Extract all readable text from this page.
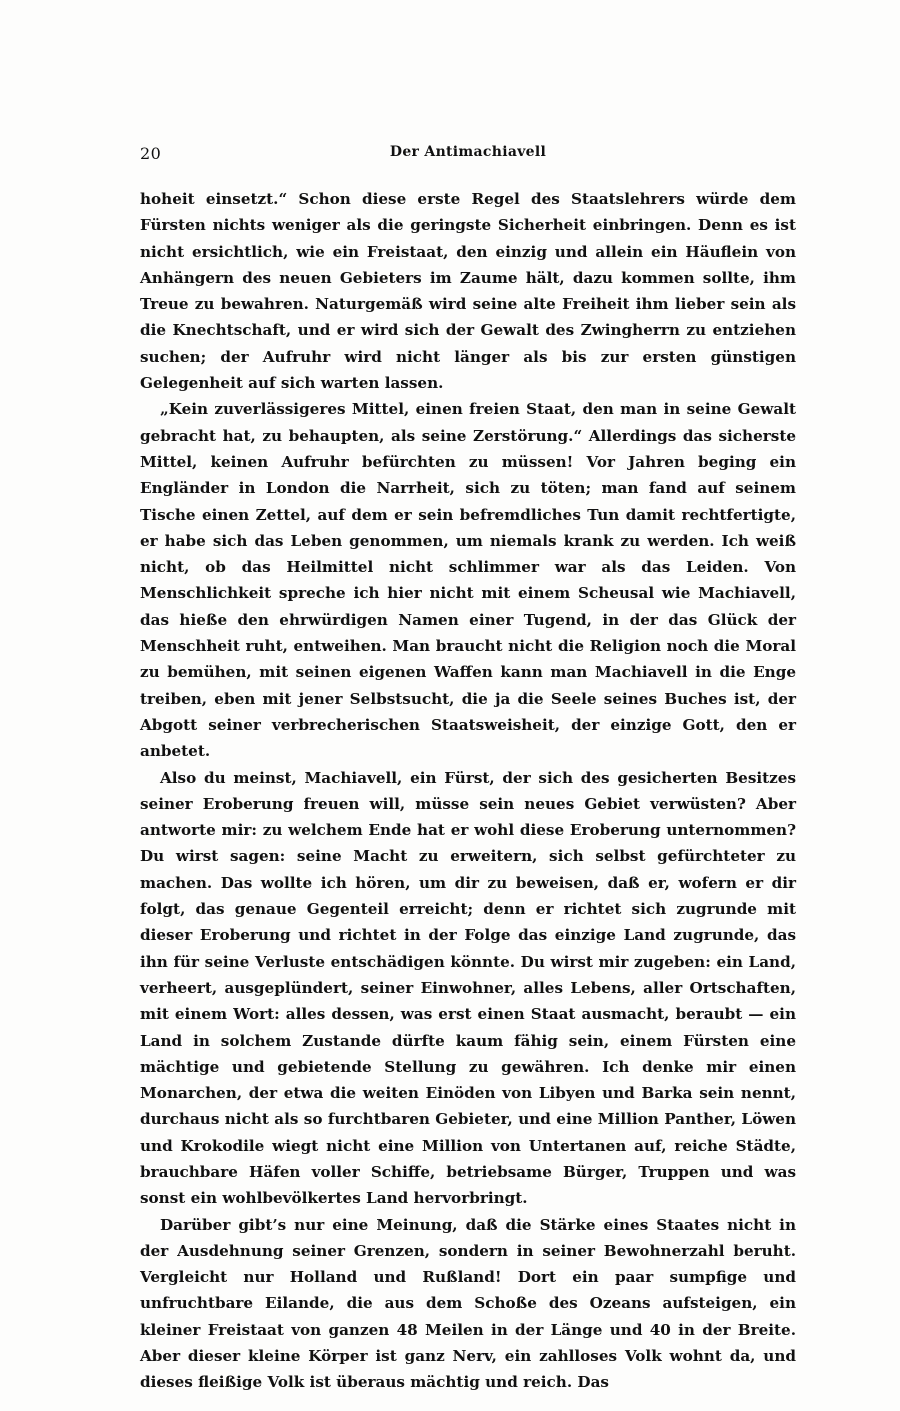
20	Der Antimachiavell

hoheit einsetzt.“ Schon diese erste Regel des Staatslehrers würde dem Fürsten nichts weniger als die geringste Sicherheit einbringen. Denn es ist nicht ersichtlich, wie ein Freistaat, den einzig und allein ein Häuflein von Anhängern des neuen Gebieters im Zaume hält, dazu kommen sollte, ihm Treue zu bewahren. Naturgemäß wird seine alte Freiheit ihm lieber sein als die Knechtschaft, und er wird sich der Gewalt des Zwingherrn zu entziehen suchen; der Aufruhr wird nicht länger als bis zur ersten günstigen Gelegenheit auf sich warten lassen.

„Kein zuverlässigeres Mittel, einen freien Staat, den man in seine Gewalt gebracht hat, zu behaupten, als seine Zerstörung.“ Allerdings das sicherste Mittel, keinen Aufruhr befürchten zu müssen! Vor Jahren beging ein Engländer in London die Narrheit, sich zu töten; man fand auf seinem Tische einen Zettel, auf dem er sein befremdliches Tun damit rechtfertigte, er habe sich das Leben genommen, um niemals krank zu werden. Ich weiß nicht, ob das Heilmittel nicht schlimmer war als das Leiden. Von Menschlichkeit spreche ich hier nicht mit einem Scheusal wie Machiavell, das hieße den ehrwürdigen Namen einer Tugend, in der das Glück der Menschheit ruht, entweihen. Man braucht nicht die Religion noch die Moral zu bemühen, mit seinen eigenen Waffen kann man Machiavell in die Enge treiben, eben mit jener Selbstsucht, die ja die Seele seines Buches ist, der Abgott seiner verbrecherischen Staatsweisheit, der einzige Gott, den er anbetet.

Also du meinst, Machiavell, ein Fürst, der sich des gesicherten Besitzes seiner Eroberung freuen will, müsse sein neues Gebiet verwüsten? Aber antworte mir: zu welchem Ende hat er wohl diese Eroberung unternommen? Du wirst sagen: seine Macht zu erweitern, sich selbst gefürchteter zu machen. Das wollte ich hören, um dir zu beweisen, daß er, wofern er dir folgt, das genaue Gegenteil erreicht; denn er richtet sich zugrunde mit dieser Eroberung und richtet in der Folge das einzige Land zugrunde, das ihn für seine Verluste entschädigen könnte. Du wirst mir zugeben: ein Land, verheert, ausgeplündert, seiner Einwohner, alles Lebens, aller Ortschaften, mit einem Wort: alles dessen, was erst einen Staat ausmacht, beraubt — ein Land in solchem Zustande dürfte kaum fähig sein, einem Fürsten eine mächtige und gebietende Stellung zu gewähren. Ich denke mir einen Monarchen, der etwa die weiten Einöden von Libyen und Barka sein nennt, durchaus nicht als so furchtbaren Gebieter, und eine Million Panther, Löwen und Krokodile wiegt nicht eine Million von Untertanen auf, reiche Städte, brauchbare Häfen voller Schiffe, betriebsame Bürger, Truppen und was sonst ein wohlbevölkertes Land hervorbringt.

Darüber gibt’s nur eine Meinung, daß die Stärke eines Staates nicht in der Ausdehnung seiner Grenzen, sondern in seiner Bewohnerzahl beruht. Vergleicht nur Holland und Rußland! Dort ein paar sumpfige und unfruchtbare Eilande, die aus dem Schoße des Ozeans aufsteigen, ein kleiner Freistaat von ganzen 48 Meilen in der Länge und 40 in der Breite. Aber dieser kleine Körper ist ganz Nerv, ein zahlloses Volk wohnt da, und dieses fleißige Volk ist überaus mächtig und reich. Das
